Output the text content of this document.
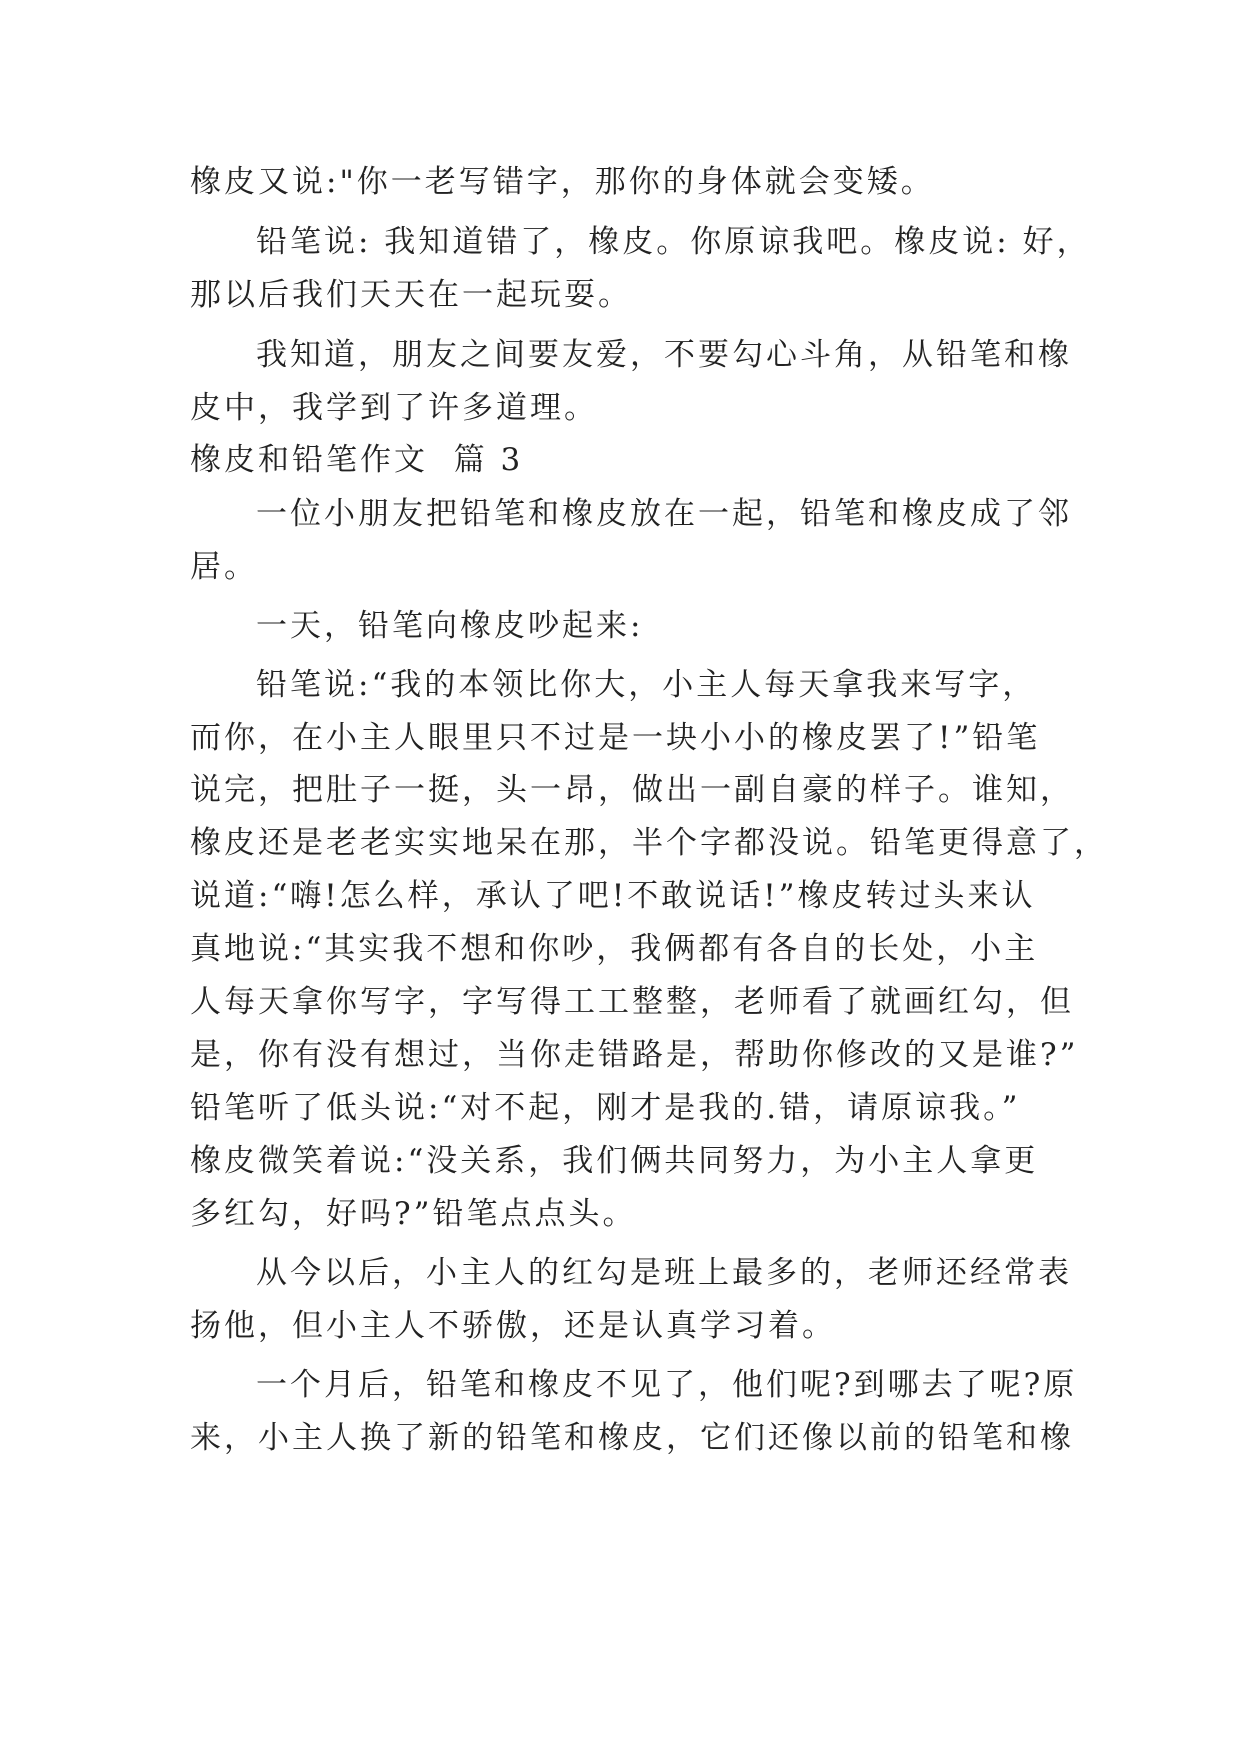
橡皮又说:"你一老写错字，那你的身体就会变矮。
铅笔说: 我知道错了，橡皮。你原谅我吧。橡皮说: 好，
那以后我们天天在一起玩耍。
我知道，朋友之间要友爱，不要勾心斗角，从铅笔和橡
皮中，我学到了许多道理。
橡皮和铅笔作文  篇 3
一位小朋友把铅笔和橡皮放在一起，铅笔和橡皮成了邻
居。
一天，铅笔向橡皮吵起来:
铅笔说:“我的本领比你大，小主人每天拿我来写字，
而你，在小主人眼里只不过是一块小小的橡皮罢了!”铅笔
说完，把肚子一挺，头一昂，做出一副自豪的样子。谁知，
橡皮还是老老实实地呆在那，半个字都没说。铅笔更得意了，
说道:“嗨!怎么样，承认了吧!不敢说话!”橡皮转过头来认
真地说:“其实我不想和你吵，我俩都有各自的长处，小主
人每天拿你写字，字写得工工整整，老师看了就画红勾，但
是，你有没有想过，当你走错路是，帮助你修改的又是谁?”
铅笔听了低头说:“对不起，刚才是我的.错，请原谅我。”
橡皮微笑着说:“没关系，我们俩共同努力，为小主人拿更
多红勾，好吗?”铅笔点点头。
从今以后，小主人的红勾是班上最多的，老师还经常表
扬他，但小主人不骄傲，还是认真学习着。
一个月后，铅笔和橡皮不见了，他们呢?到哪去了呢?原
来，小主人换了新的铅笔和橡皮，它们还像以前的铅笔和橡
